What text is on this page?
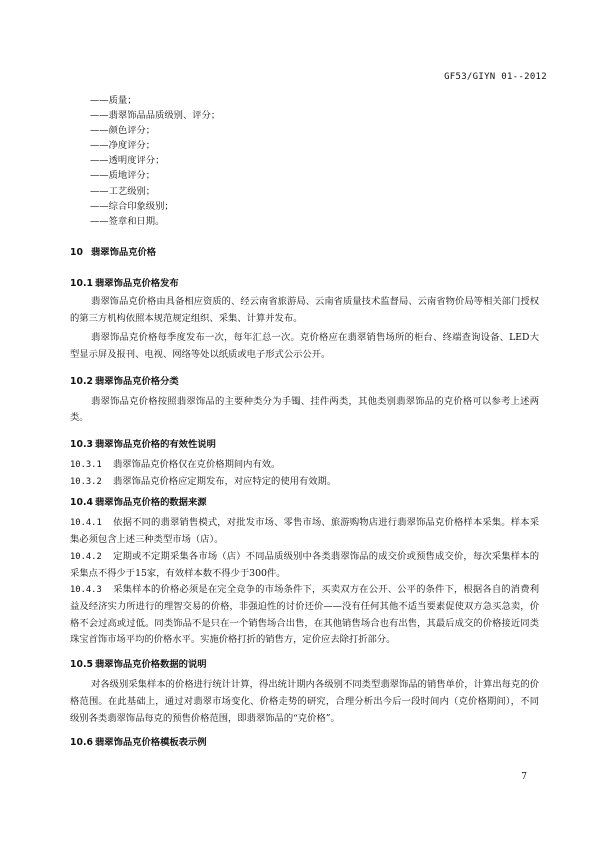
GF53/GIYN 01--2012
——质量；
——翡翠饰品品质级别、评分；
——颜色评分；
——净度评分；
——透明度评分；
——质地评分；
——工艺级别；
——综合印象级别；
——签章和日期。
10 翡翠饰品克价格
10.1 翡翠饰品克价格发布

翡翠饰品克价格由具备相应资质的、经云南省旅游局、云南省质量技术监督局、云南省物价局等相关部门授权的第三方机构依照本规范规定组织、采集、计算并发布。

翡翠饰品克价格每季度发布一次，每年汇总一次。克价格应在翡翠销售场所的柜台、终端查询设备、LED大型显示屏及报刊、电视、网络等处以纸质或电子形式公示公开。

10.2 翡翠饰品克价格分类

翡翠饰品克价格按照翡翠饰品的主要种类分为手镯、挂件两类，其他类别翡翠饰品的克价格可以参考上述两类。

10.3 翡翠饰品克价格的有效性说明

10.3.1 翡翠饰品克价格仅在克价格期间内有效。

10.3.2 翡翠饰品克价格应定期发布，对应特定的使用有效期。

10.4 翡翠饰品克价格的数据来源

10.4.1 依据不同的翡翠销售模式，对批发市场、零售市场、旅游购物店进行翡翠饰品克价格样本采集。样本采集必须包含上述三种类型市场（店）。

10.4.2 定期或不定期采集各市场（店）不同品质级别中各类翡翠饰品的成交价或预售成交价，每次采集样本的采集点不得少于15家，有效样本数不得少于300件。

10.4.3 采集样本的价格必须是在完全竞争的市场条件下，买卖双方在公开、公平的条件下，根据各自的消费利益及经济实力所进行的理智交易的价格，非强迫性的讨价还价——没有任何其他不适当要素促使双方急买急卖，价格不会过高或过低。同类饰品不是只在一个销售场合出售，在其他销售场合也有出售，其最后成交的价格接近同类珠宝首饰市场平均的价格水平。实施价格打折的销售方，定价应去除打折部分。

10.5 翡翠饰品克价格数据的说明

对各级别采集样本的价格进行统计计算，得出统计期内各级别不同类型翡翠饰品的销售单价，计算出每克的价格范围。在此基础上，通过对翡翠市场变化、价格走势的研究，合理分析出今后一段时间内（克价格期间），不同级别各类翡翠饰品每克的预售价格范围，即翡翠饰品的“克价格”。

10.6 翡翠饰品克价格模板表示例
7
